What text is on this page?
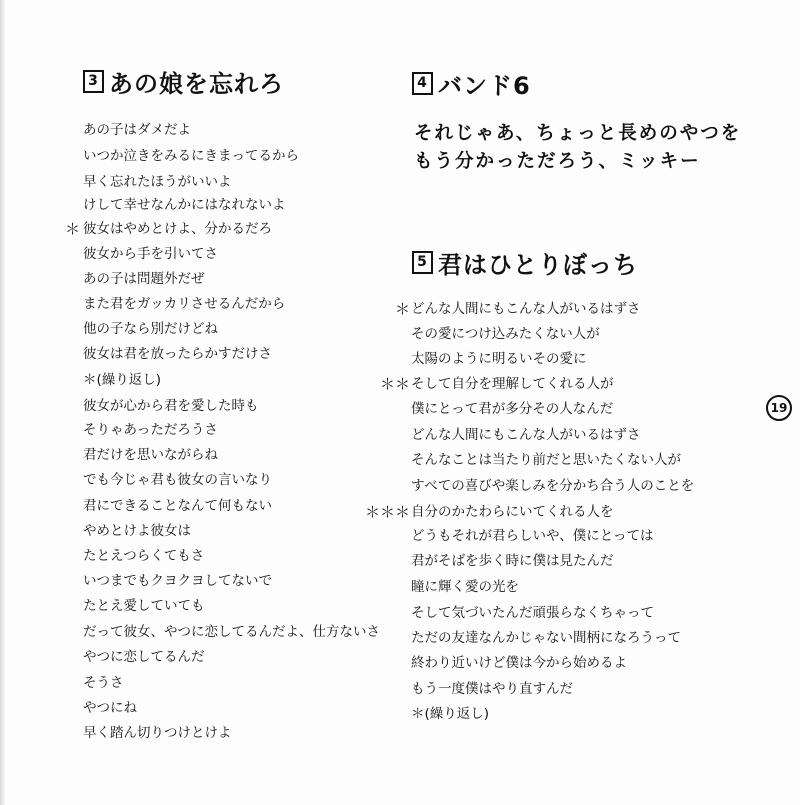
3 あの娘を忘れろ
＊
あの子はダメだよ
いつか泣きをみるにきまってるから
早く忘れたほうがいいよ
けして幸せなんかにはなれないよ
彼女はやめとけよ、分かるだろ
彼女から手を引いてさ
あの子は問題外だぜ
また君をガッカリさせるんだから
他の子なら別だけどね
彼女は君を放ったらかすだけさ
＊(繰り返し)
彼女が心から君を愛した時も
そりゃあっただろうさ
君だけを思いながらね
でも今じゃ君も彼女の言いなり
君にできることなんて何もない
やめとけよ彼女は
たとえつらくてもさ
いつまでもクヨクヨしてないで
たとえ愛していても
だって彼女、やつに恋してるんだよ、仕方ないさ
やつに恋してるんだ
そうさ
やつにね
早く踏ん切りつけとけよ
4 バンド6
それじゃあ、ちょっと長めのやつを
もう分かっただろう、ミッキー
5 君はひとりぼっち
＊
＊＊
＊＊＊
どんな人間にもこんな人がいるはずさ
その愛につけ込みたくない人が
太陽のように明るいその愛に
そして自分を理解してくれる人が
僕にとって君が多分その人なんだ
どんな人間にもこんな人がいるはずさ
そんなことは当たり前だと思いたくない人が
すべての喜びや楽しみを分かち合う人のことを
自分のかたわらにいてくれる人を
どうもそれが君らしいや、僕にとっては
君がそばを歩く時に僕は見たんだ
瞳に輝く愛の光を
そして気づいたんだ頑張らなくちゃって
ただの友達なんかじゃない間柄になろうって
終わり近いけど僕は今から始めるよ
もう一度僕はやり直すんだ
＊(繰り返し)
19
